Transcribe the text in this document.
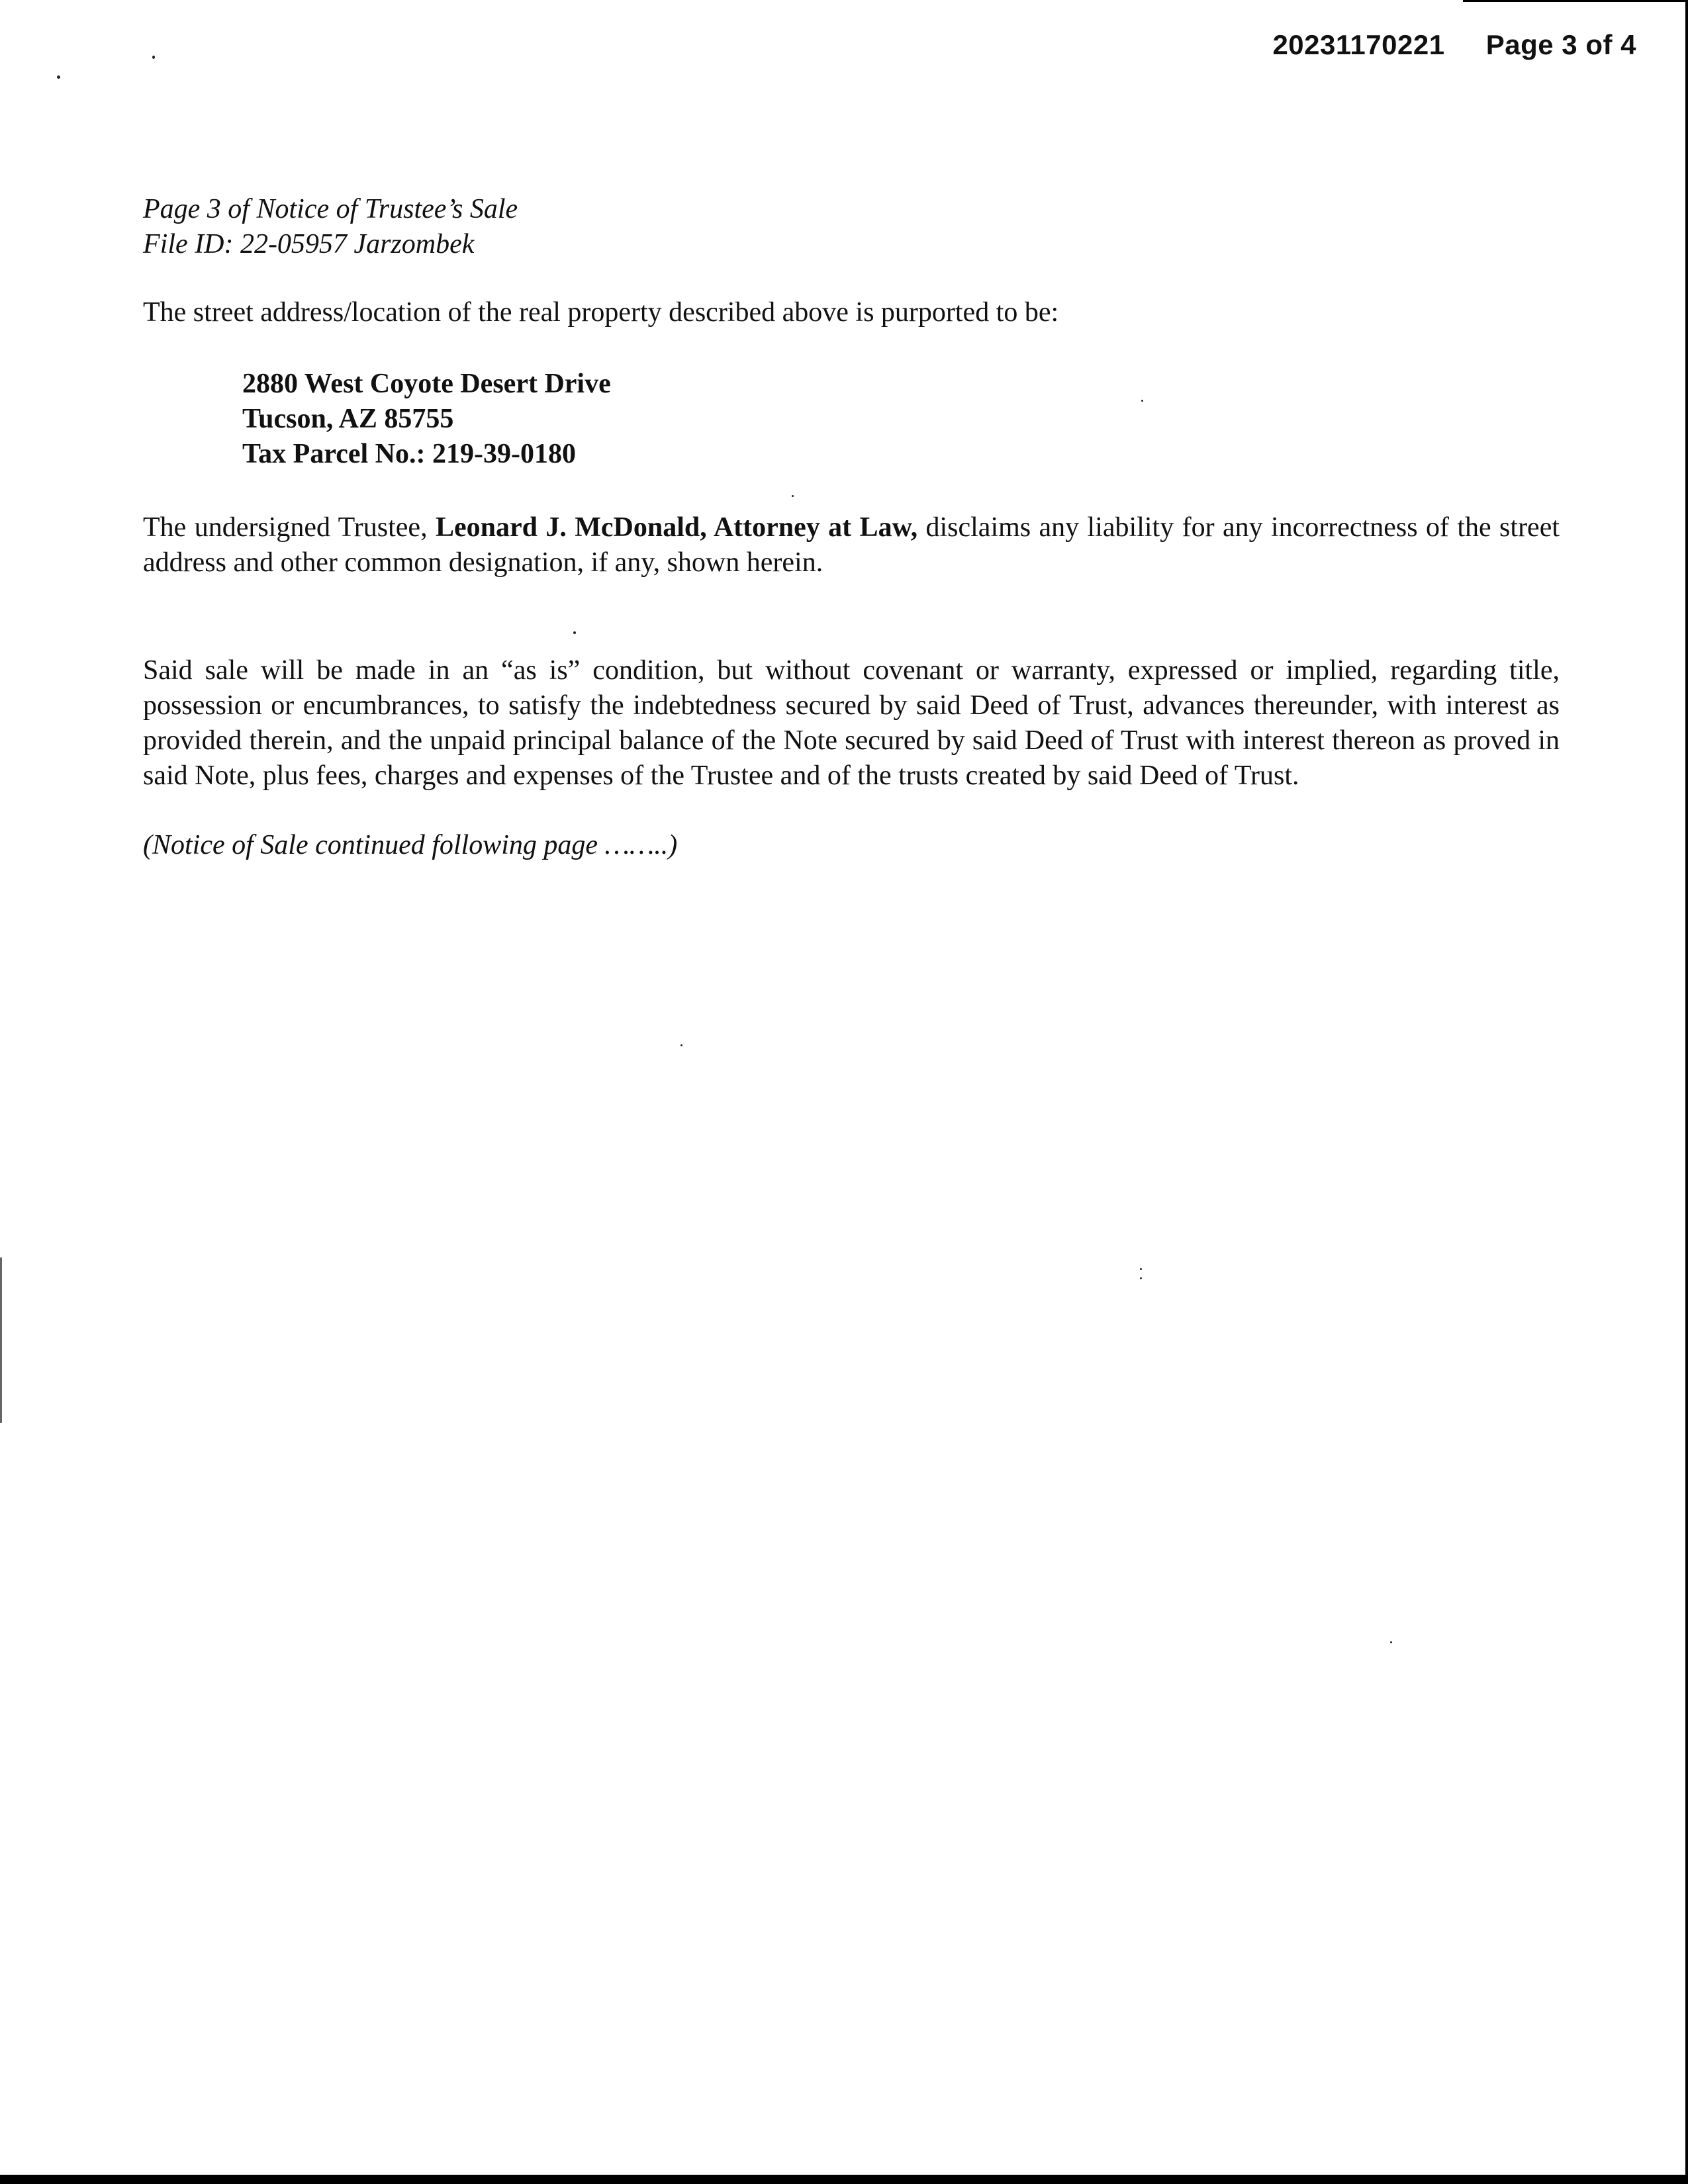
20231170221 Page 3 of 4
Page 3 of Notice of Trustee’s Sale
File ID: 22-05957 Jarzombek

The street address/location of the real property described above is purported to be:

2880 West Coyote Desert Drive
Tucson, AZ 85755
Tax Parcel No.: 219-39-0180

The undersigned Trustee, Leonard J. McDonald, Attorney at Law, disclaims any liability for any incorrectness of the street address and other common designation, if any, shown herein.

Said sale will be made in an “as is” condition, but without covenant or warranty, expressed or implied, regarding title, possession or encumbrances, to satisfy the indebtedness secured by said Deed of Trust, advances thereunder, with interest as provided therein, and the unpaid principal balance of the Note secured by said Deed of Trust with interest thereon as proved in said Note, plus fees, charges and expenses of the Trustee and of the trusts created by said Deed of Trust.

(Notice of Sale continued following page ……..)
